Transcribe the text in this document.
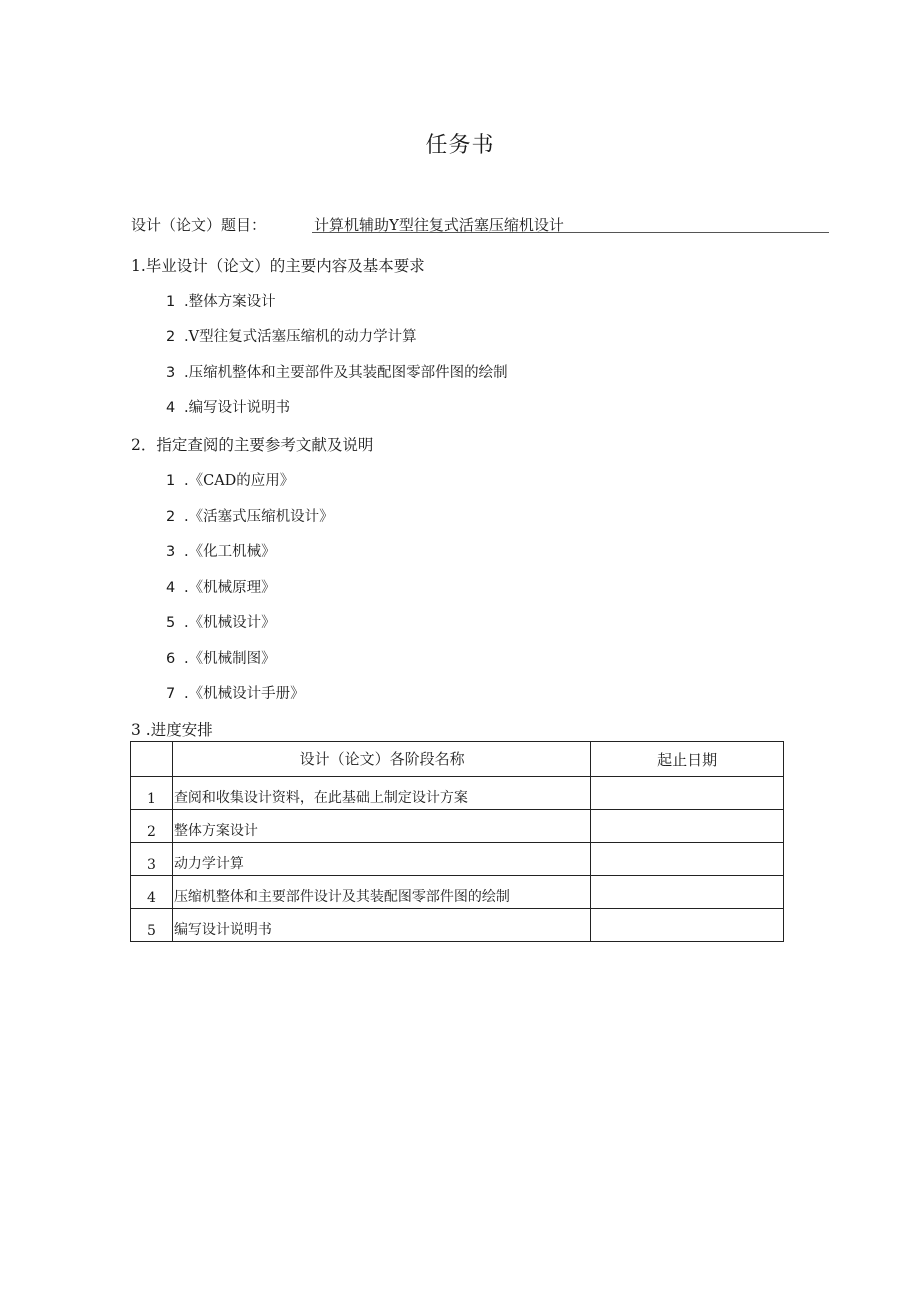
任务书
设计（论文）题目：	计算机辅助Y型往复式活塞压缩机设计
1.毕业设计（论文）的主要内容及基本要求
1 .整体方案设计
2 .V型往复式活塞压缩机的动力学计算
3 .压缩机整体和主要部件及其装配图零部件图的绘制
4 .编写设计说明书
2．指定查阅的主要参考文献及说明
1 .《CAD的应用》
2 .《活塞式压缩机设计》
3 .《化工机械》
4 .《机械原理》
5 .《机械设计》
6 .《机械制图》
7 .《机械设计手册》
3 .进度安排
	设计（论文）各阶段名称	起止日期
1	查阅和收集设计资料，在此基础上制定设计方案	
2	整体方案设计	
3	动力学计算	
4	压缩机整体和主要部件设计及其装配图零部件图的绘制	
5	编写设计说明书	
